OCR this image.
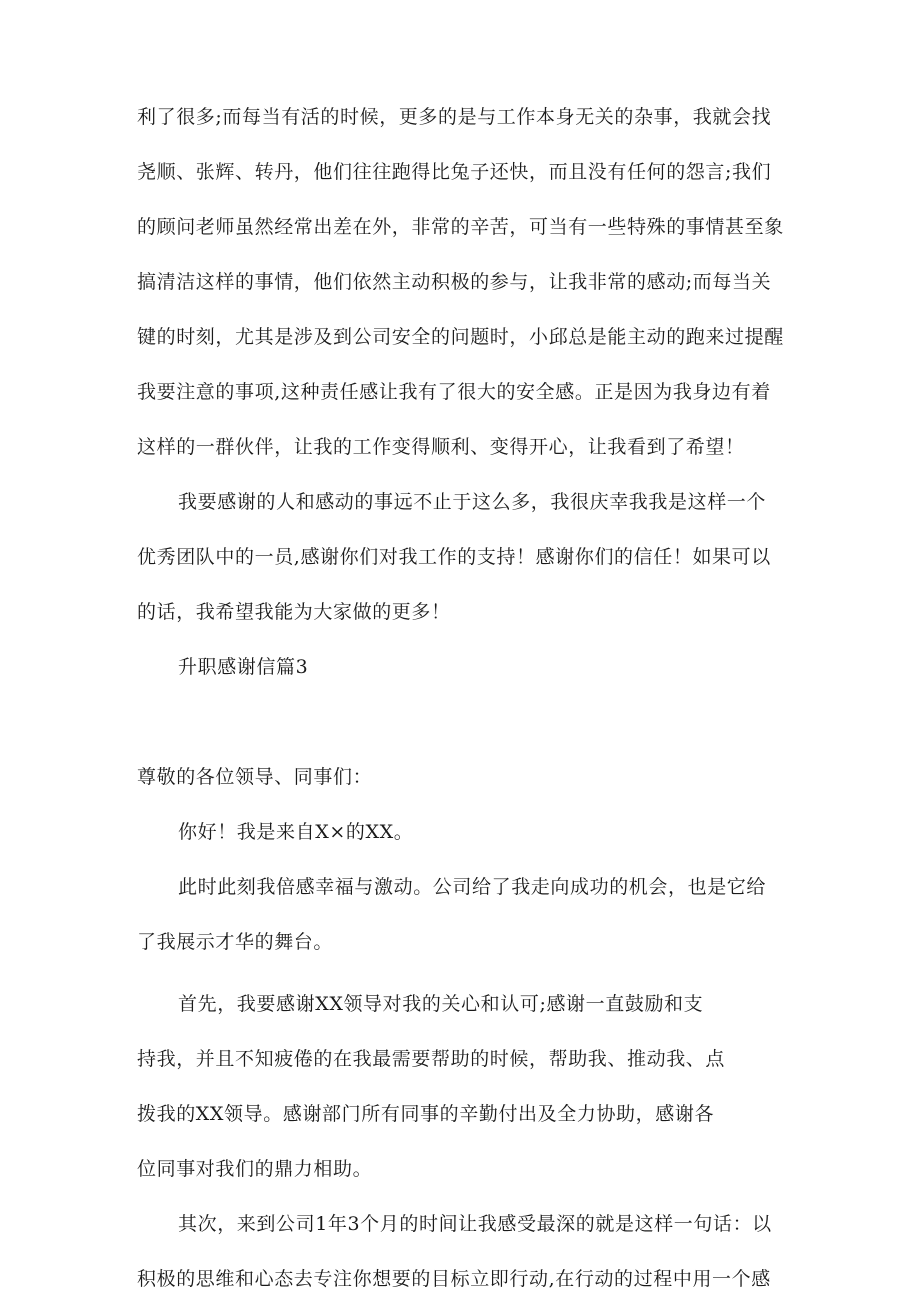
利了很多;而每当有活的时候，更多的是与工作本身无关的杂事，我就会找
尧顺、张辉、转丹，他们往往跑得比兔子还快，而且没有任何的怨言;我们
的顾问老师虽然经常出差在外，非常的辛苦，可当有一些特殊的事情甚至象
搞清洁这样的事情，他们依然主动积极的参与，让我非常的感动;而每当关
键的时刻，尤其是涉及到公司安全的问题时，小邱总是能主动的跑来过提醒
我要注意的事项,这种责任感让我有了很大的安全感。正是因为我身边有着
这样的一群伙伴，让我的工作变得顺利、变得开心，让我看到了希望！
我要感谢的人和感动的事远不止于这么多，我很庆幸我我是这样一个
优秀团队中的一员,感谢你们对我工作的支持！感谢你们的信任！如果可以
的话，我希望我能为大家做的更多！
升职感谢信篇3
尊敬的各位领导、同事们：
你好！我是来自X×的XX。
此时此刻我倍感幸福与激动。公司给了我走向成功的机会，也是它给
了我展示才华的舞台。
首先，我要感谢XX领导对我的关心和认可;感谢一直鼓励和支
持我，并且不知疲倦的在我最需要帮助的时候，帮助我、推动我、点
拨我的XX领导。感谢部门所有同事的辛勤付出及全力协助，感谢各
位同事对我们的鼎力相助。
其次，来到公司1年3个月的时间让我感受最深的就是这样一句话：以
积极的思维和心态去专注你想要的目标立即行动,在行动的过程中用一个感
